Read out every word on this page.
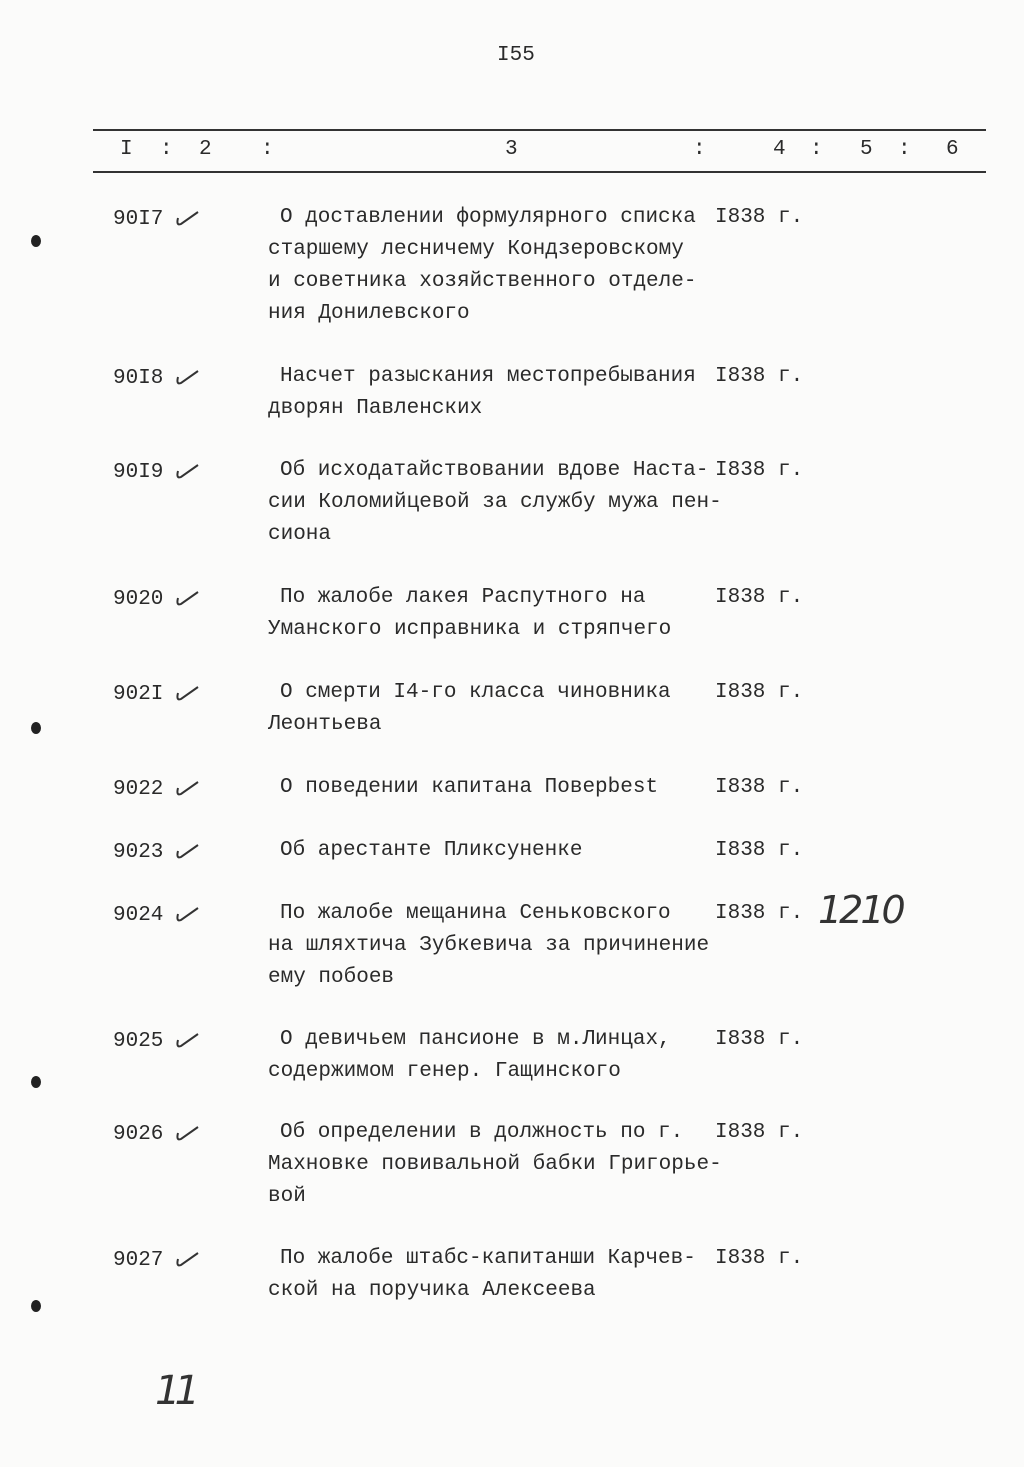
I55
I : 2 :	3	:	4 : 5 : 6
90I7	О доставлении формулярного списка
старшему лесничему Кондзеровскому
и советника хозяйственного отделе-
ния Донилевского
I838 г.
90I8	Насчет разыскания местопребывания
дворян Павленских
I838 г.
90I9	Об исходатайствовании вдове Наста-
сии Коломийцевой за службу мужа пен-
сиона
I838 г.
9020	По жалобе лакея Распутного на
Уманского исправника и стряпчего
I838 г.
902I	О смерти I4-го класса чиновника
Леонтьева
I838 г.
9022	О поведении капитана Поверbest	I838 г.
9023	Об арестанте Пликсуненке	I838 г.
9024	По жалобе мещанина Сеньковского
на шляхтича Зубкевича за причинение
ему побоев
I838 г.
9025	О девичьем пансионе в м.Линцах,
содержимом генер. Гащинского
I838 г.
9026	Об определении в должность по г.
Махновке повивальной бабки Григорье-
вой
I838 г.
9027	По жалобе штабс-капитанши Карчев-
ской на поручика Алексеева
I838 г.
1210
11
